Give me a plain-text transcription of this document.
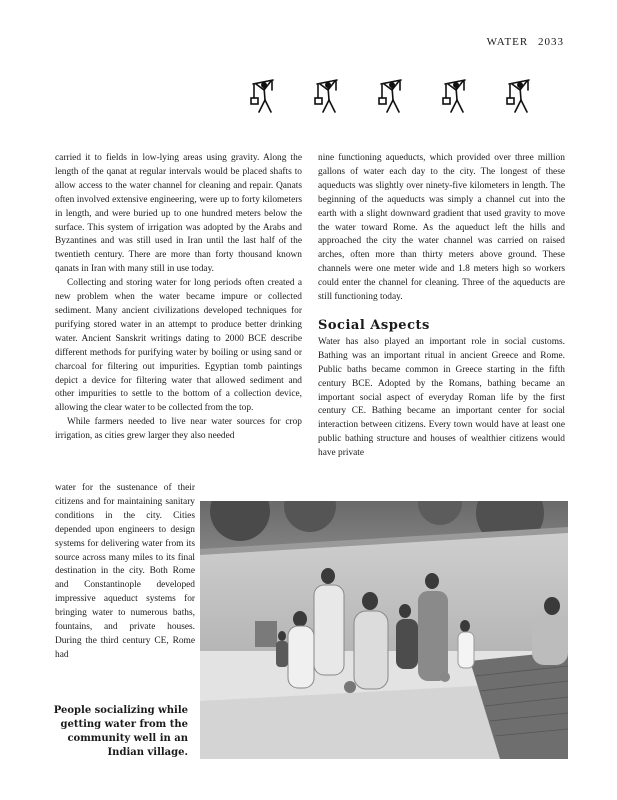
WATER 2033

carried it to fields in low-lying areas using gravity. Along the length of the qanat at regular intervals would be placed shafts to allow access to the water channel for cleaning and repair. Qanats often involved extensive engineering, were up to forty kilometers in length, and were buried up to one hundred meters below the surface. This system of irrigation was adopted by the Arabs and Byzantines and was still used in Iran until the last half of the twentieth century. There are more than forty thousand known qanats in Iran with many still in use today.

Collecting and storing water for long periods often created a new problem when the water became impure or collected sediment. Many ancient civilizations developed techniques for purifying stored water in an attempt to produce better drinking water. Ancient Sanskrit writings dating to 2000 BCE describe different methods for purifying water by boiling or using sand or charcoal for filtering out impurities. Egyptian tomb paintings depict a device for filtering water that allowed sediment and other impurities to settle to the bottom of a collection device, allowing the clear water to be collected from the top.

While farmers needed to live near water sources for crop irrigation, as cities grew larger they also needed

water for the sustenance of their citizens and for maintaining sanitary conditions in the city. Cities depended upon engineers to design systems for delivering water from its source across many miles to its final destination in the city. Both Rome and Constantinople developed impressive aqueduct systems for bringing water to numerous baths, fountains, and private houses. During the third century CE, Rome had

nine functioning aqueducts, which provided over three million gallons of water each day to the city. The longest of these aqueducts was slightly over ninety-five kilometers in length. The beginning of the aqueducts was simply a channel cut into the earth with a slight downward gradient that used gravity to move the water toward Rome. As the aqueduct left the hills and approached the city the water channel was carried on raised arches, often more than thirty meters above ground. These channels were one meter wide and 1.8 meters high so workers could enter the channel for cleaning. Three of the aqueducts are still functioning today.

Social Aspects

Water has also played an important role in social customs. Bathing was an important ritual in ancient Greece and Rome. Public baths became common in Greece starting in the fifth century BCE. Adopted by the Romans, bathing became an important social aspect of everyday Roman life by the first century CE. Bathing became an important center for social interaction between citizens. Every town would have at least one public bathing structure and houses of wealthier citizens would have private

People socializing while getting water from the community well in an Indian village.
